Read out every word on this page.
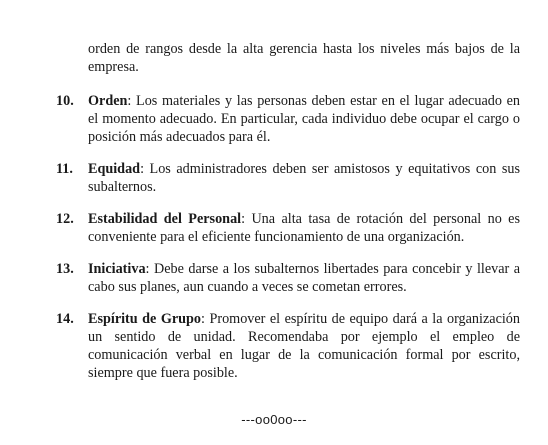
orden de rangos desde la alta gerencia hasta los niveles más bajos de la empresa.

10. Orden: Los materiales y las personas deben estar en el lugar adecuado en el momento adecuado. En particular, cada individuo debe ocupar el cargo o posición más adecuados para él.

11. Equidad: Los administradores deben ser amistosos y equitativos con sus subalternos.

12. Estabilidad del Personal: Una alta tasa de rotación del personal no es conveniente para el eficiente funcionamiento de una organización.

13. Iniciativa: Debe darse a los subalternos libertades para concebir y llevar a cabo sus planes, aun cuando a veces se cometan errores.

14. Espíritu de Grupo: Promover el espíritu de equipo dará a la organización un sentido de unidad. Recomendaba por ejemplo el empleo de comunicación verbal en lugar de la comunicación formal por escrito, siempre que fuera posible.

---oo0oo---
